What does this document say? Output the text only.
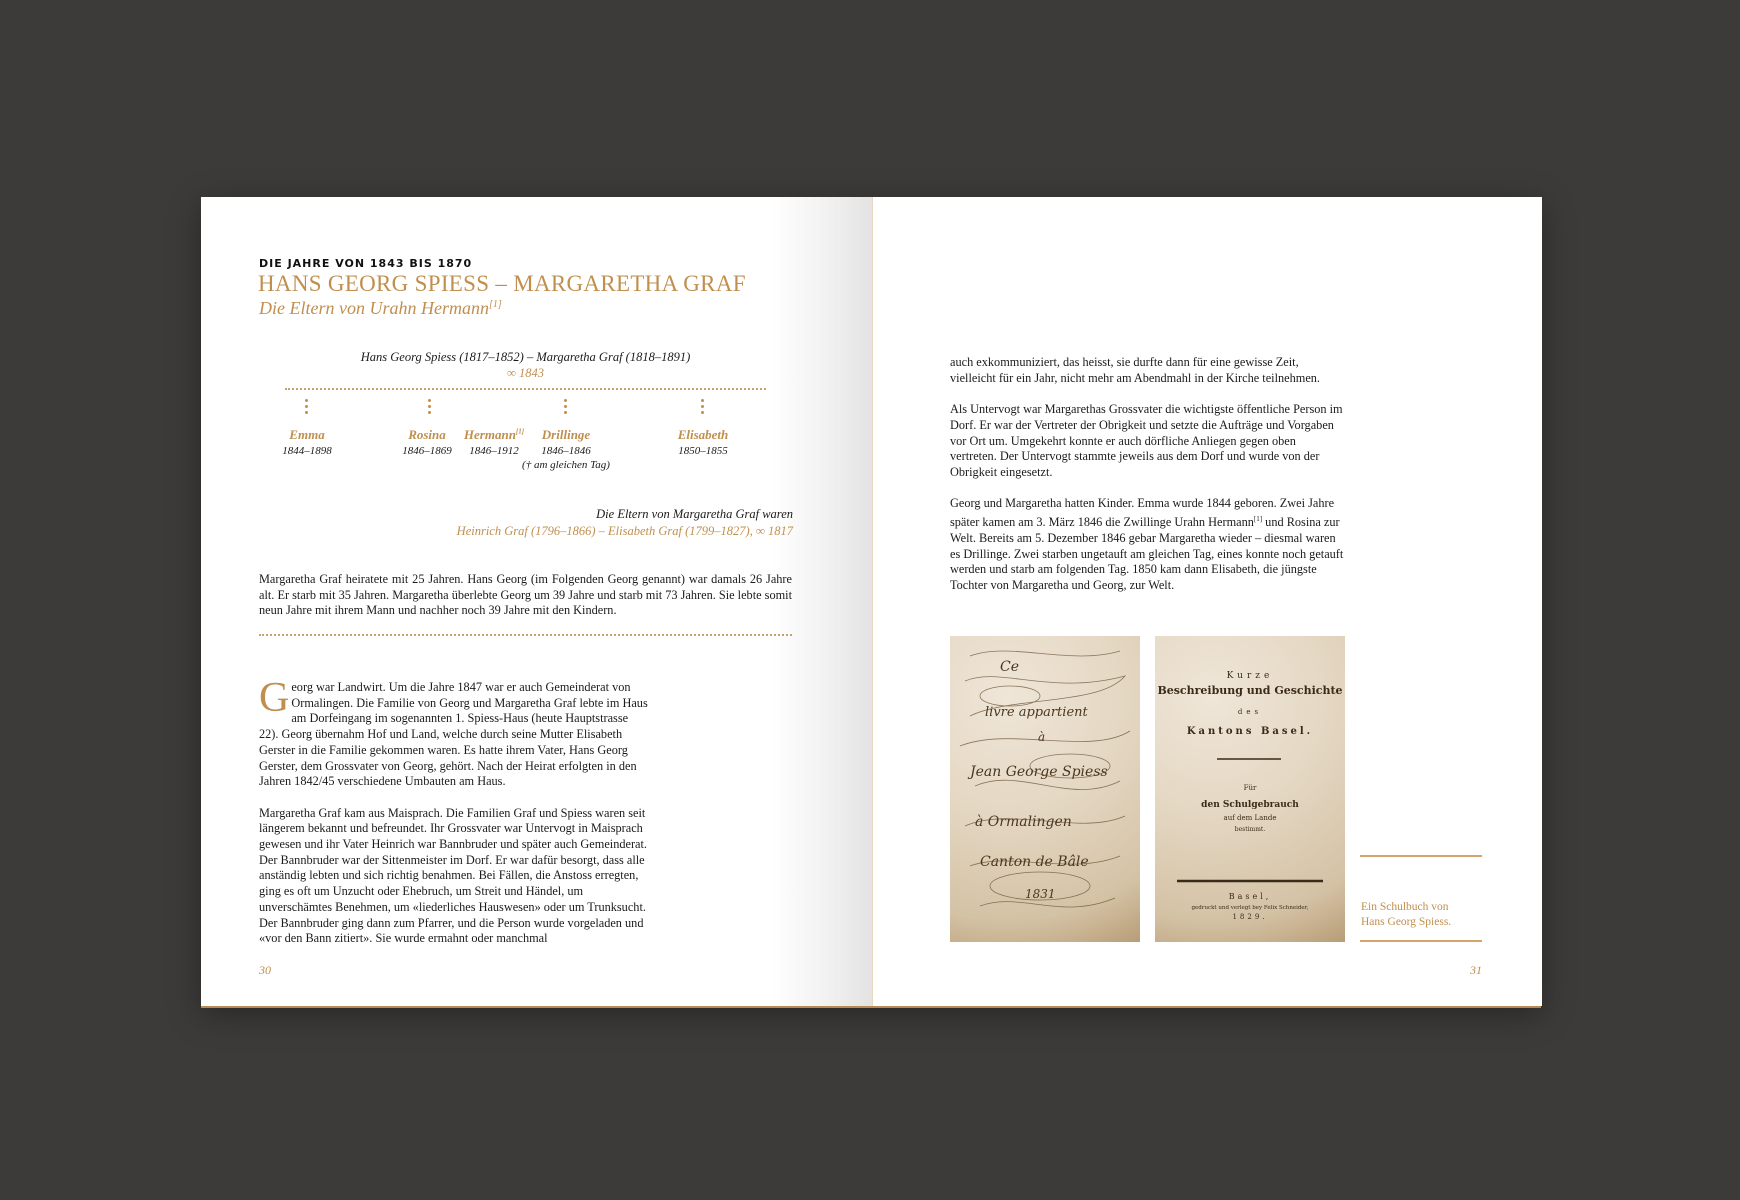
DIE JAHRE VON 1843 BIS 1870
HANS GEORG SPIESS – MARGARETHA GRAF
Die Eltern von Urahn Hermann[1]
Hans Georg Spiess (1817–1852) – Margaretha Graf (1818–1891)
∞ 1843
Emma
1844–1898
Rosina
1846–1869
Hermann[1]
1846–1912
Drillinge
1846–1846
(† am gleichen Tag)
Elisabeth
1850–1855
Die Eltern von Margaretha Graf waren
Heinrich Graf (1796–1866) – Elisabeth Graf (1799–1827), ∞ 1817
Margaretha Graf heiratete mit 25 Jahren. Hans Georg (im Folgenden Georg genannt) war damals 26 Jahre alt. Er starb mit 35 Jahren. Margaretha überlebte Georg um 39 Jahre und starb mit 73 Jahren. Sie lebte somit neun Jahre mit ihrem Mann und nachher noch 39 Jahre mit den Kindern.

Georg war Landwirt. Um die Jahre 1847 war er auch Gemeinderat von Ormalingen. Die Familie von Georg und Margaretha Graf lebte im Haus am Dorfeingang im sogenannten 1. Spiess-Haus (heute Hauptstrasse 22). Georg übernahm Hof und Land, welche durch seine Mutter Elisabeth Gerster in die Familie gekommen waren. Es hatte ihrem Vater, Hans Georg Gerster, dem Grossvater von Georg, gehört. Nach der Heirat erfolgten in den Jahren 1842/45 verschiedene Umbauten am Haus.

Margaretha Graf kam aus Maisprach. Die Familien Graf und Spiess waren seit längerem bekannt und befreundet. Ihr Grossvater war Untervogt in Maisprach gewesen und ihr Vater Heinrich war Bannbruder und später auch Gemeinderat. Der Bannbruder war der Sittenmeister im Dorf. Er war dafür besorgt, dass alle anständig lebten und sich richtig benahmen. Bei Fällen, die Anstoss erregten, ging es oft um Unzucht oder Ehebruch, um Streit und Händel, um unverschämtes Benehmen, um «liederliches Hauswesen» oder um Trunksucht. Der Bannbruder ging dann zum Pfarrer, und die Person wurde vorgeladen und «vor den Bann zitiert». Sie wurde ermahnt oder manchmal

30

auch exkommuniziert, das heisst, sie durfte dann für eine gewisse Zeit, vielleicht für ein Jahr, nicht mehr am Abendmahl in der Kirche teilnehmen.

Als Untervogt war Margarethas Grossvater die wichtigste öffentliche Person im Dorf. Er war der Vertreter der Obrigkeit und setzte die Aufträge und Vorgaben vor Ort um. Umgekehrt konnte er auch dörfliche Anliegen gegen oben vertreten. Der Untervogt stammte jeweils aus dem Dorf und wurde von der Obrigkeit eingesetzt.

Georg und Margaretha hatten Kinder. Emma wurde 1844 geboren. Zwei Jahre später kamen am 3. März 1846 die Zwillinge Urahn Hermann[1] und Rosina zur Welt. Bereits am 5. Dezember 1846 gebar Margaretha wieder – diesmal waren es Drillinge. Zwei starben ungetauft am gleichen Tag, eines konnte noch getauft werden und starb am folgenden Tag. 1850 kam dann Elisabeth, die jüngste Tochter von Margaretha und Georg, zur Welt.

Ce
livre appartient
à
Jean George Spiess
à Ormalingen
Canton de Bâle
1831
Kurze
Beschreibung und Geschichte
des
Kantons Basel.
Für
den Schulgebrauch
auf dem Lande
bestimmt.
Basel,
gedruckt und verlegt bey Felix Schneider,
1829.
Ein Schulbuch von
Hans Georg Spiess.
31
